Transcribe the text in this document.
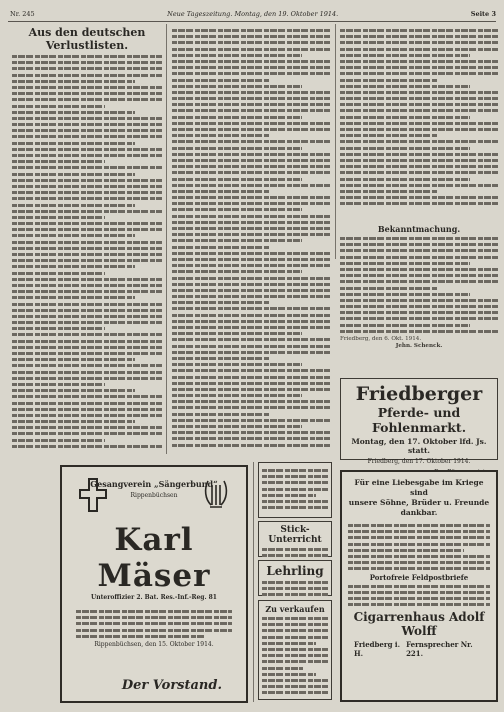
Nr. 245	Neue Tageszeitung. Montag, den 19. Oktober 1914.	Seite 3
Aus den deutschen Verlustlisten.
Bekanntmachung.
Friedberg, den 6. Okt. 1914.
Jehn. Schenck.
Friedberger
Pferde- und Fohlenmarkt.
Montag, den 17. Oktober lfd. Js. statt.
Friedberg, den 17. Oktober 1914.
Gesangverein „Sängerbund“
Rippenbüchsen
Karl Mäser
Unteroffizier 2. Bat. Res.-Inf.-Reg. 81
Rippenbüchsen, den 15. Oktober 1914.
Der Vorstand.
Stick-Unterricht
Lehrling
Zu verkaufen
Für eine Liebesgabe im Kriege sind
unsere Söhne, Brüder u. Freunde
dankbar.
Portofreie Feldpostbriefe
Cigarrenhaus Adolf Wolff
Friedberg i. H.
Fernsprecher Nr. 221.
